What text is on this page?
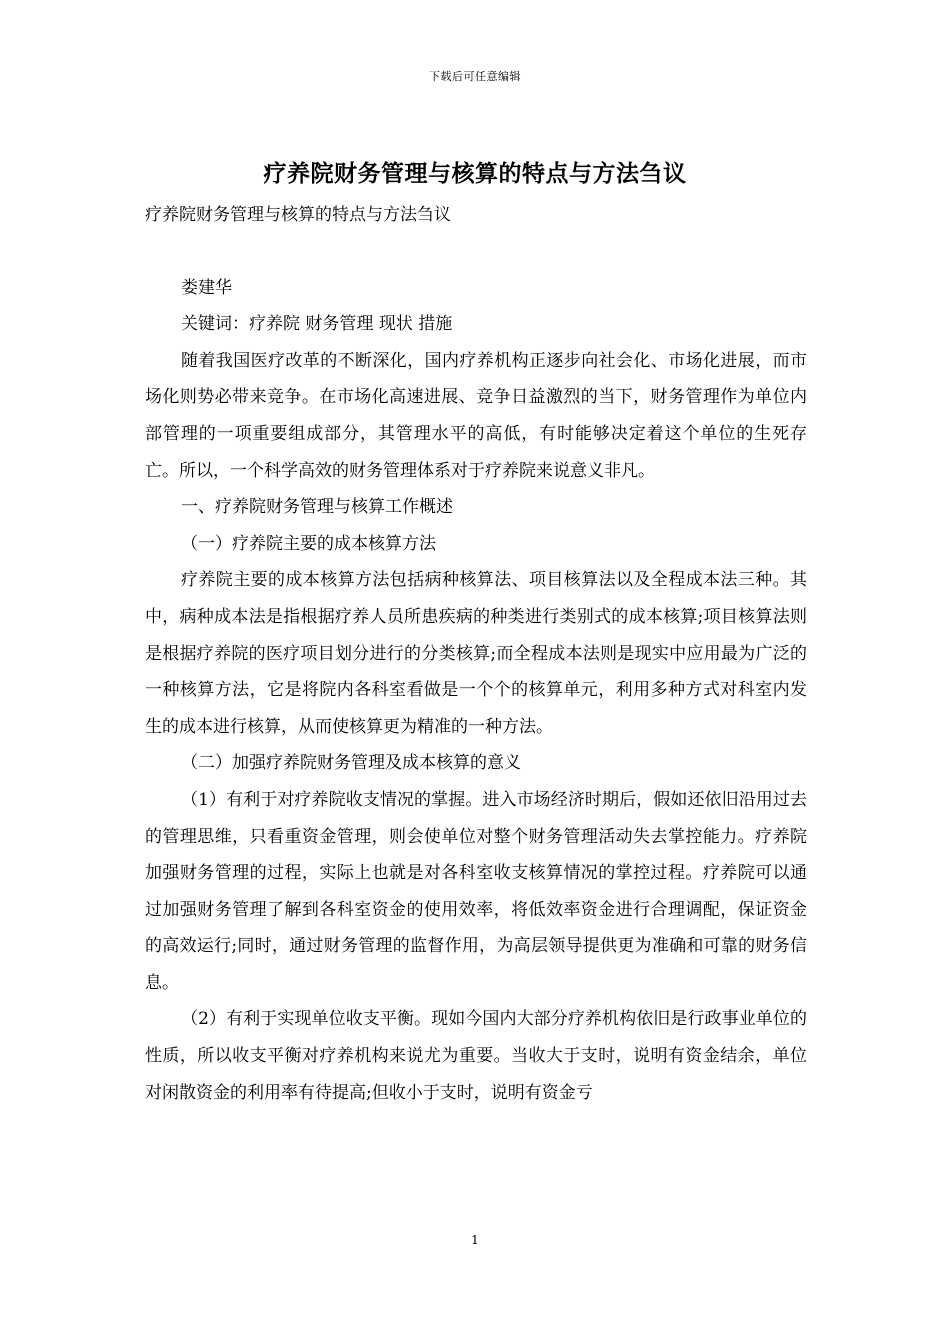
下载后可任意编辑
疗养院财务管理与核算的特点与方法刍议

疗养院财务管理与核算的特点与方法刍议

娄建华

关键词：疗养院 财务管理 现状 措施

随着我国医疗改革的不断深化，国内疗养机构正逐步向社会化、市场化进展，而市场化则势必带来竞争。在市场化高速进展、竞争日益激烈的当下，财务管理作为单位内部管理的一项重要组成部分，其管理水平的高低，有时能够决定着这个单位的生死存亡。所以，一个科学高效的财务管理体系对于疗养院来说意义非凡。

一、疗养院财务管理与核算工作概述

（一）疗养院主要的成本核算方法

疗养院主要的成本核算方法包括病种核算法、项目核算法以及全程成本法三种。其中，病种成本法是指根据疗养人员所患疾病的种类进行类别式的成本核算;项目核算法则是根据疗养院的医疗项目划分进行的分类核算;而全程成本法则是现实中应用最为广泛的一种核算方法，它是将院内各科室看做是一个个的核算单元，利用多种方式对科室内发生的成本进行核算，从而使核算更为精准的一种方法。

（二）加强疗养院财务管理及成本核算的意义

（1）有利于对疗养院收支情况的掌握。进入市场经济时期后，假如还依旧沿用过去的管理思维，只看重资金管理，则会使单位对整个财务管理活动失去掌控能力。疗养院加强财务管理的过程，实际上也就是对各科室收支核算情况的掌控过程。疗养院可以通过加强财务管理了解到各科室资金的使用效率，将低效率资金进行合理调配，保证资金的高效运行;同时，通过财务管理的监督作用，为高层领导提供更为准确和可靠的财务信息。

（2）有利于实现单位收支平衡。现如今国内大部分疗养机构依旧是行政事业单位的性质，所以收支平衡对疗养机构来说尤为重要。当收大于支时，说明有资金结余，单位对闲散资金的利用率有待提高;但收小于支时，说明有资金亏

1
